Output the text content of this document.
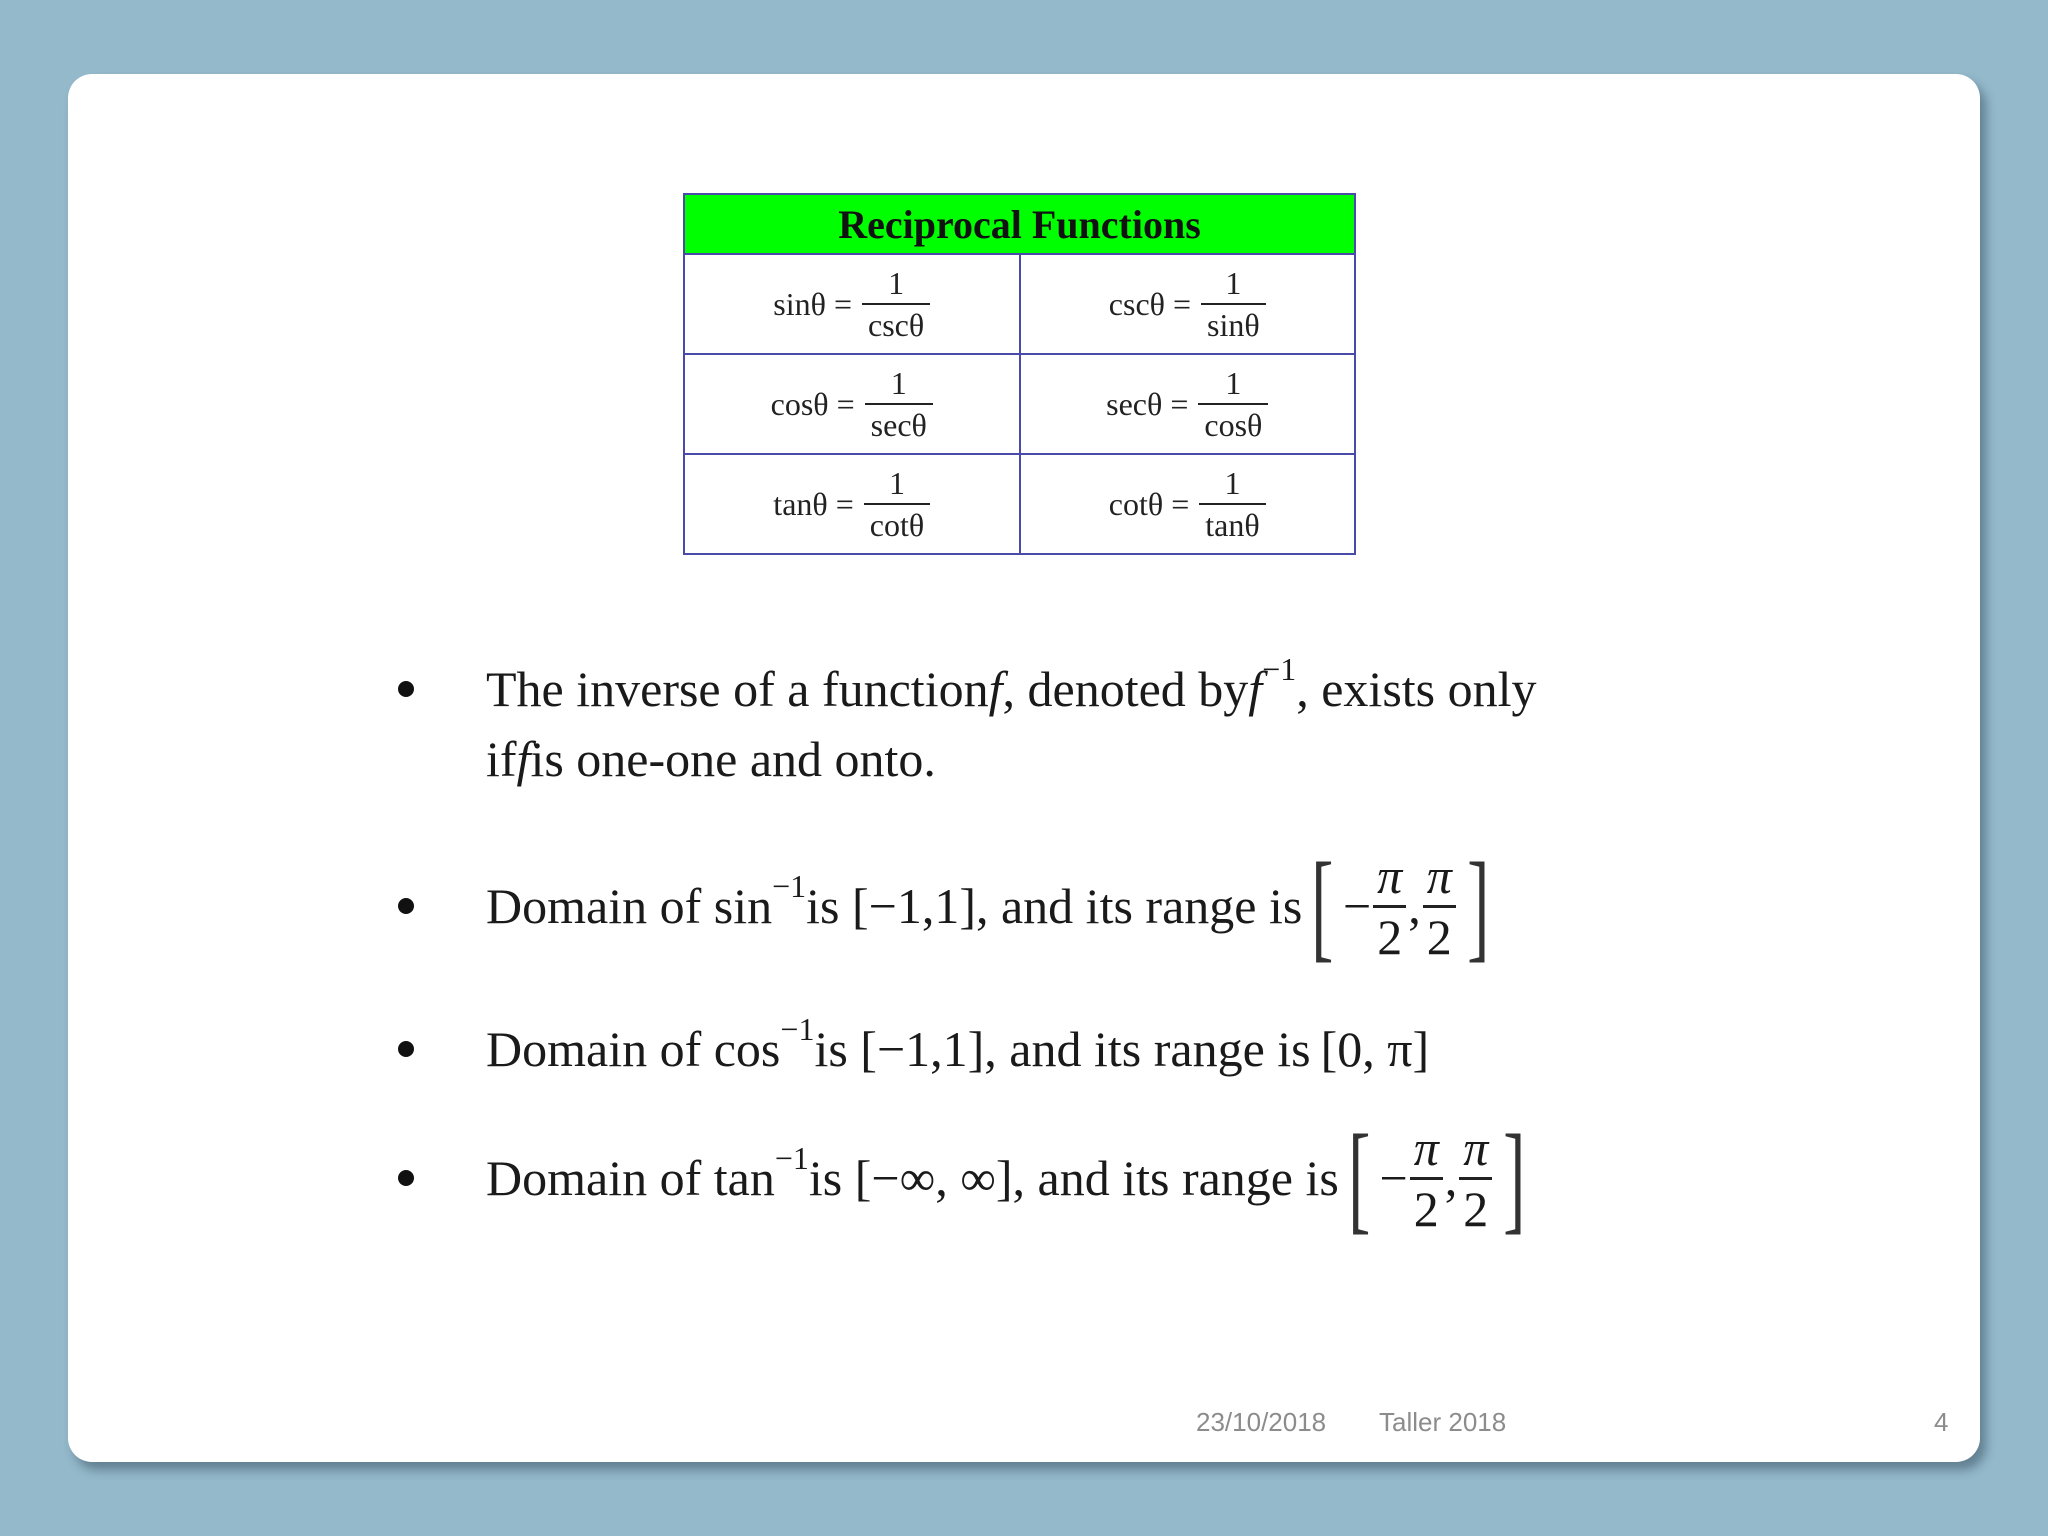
Reciprocal Functions
$\sin\theta = \frac{1}{\csc\theta}$	$\csc\theta = \frac{1}{\sin\theta}$
$\cos\theta = \frac{1}{\sec\theta}$	$\sec\theta = \frac{1}{\cos\theta}$
$\tan\theta = \frac{1}{\cot\theta}$	$\cot\theta = \frac{1}{\tan\theta}$
The inverse of a function f , denoted by f −1 , exists only
if f is one-one and onto.
Domain of sin −1 is [−1,1], and its range is [ − $\frac{\pi}{2}$ , $\frac{\pi}{2}$ ]
Domain of cos −1 is [−1,1], and its range is [0, π]
Domain of tan −1 is [−∞, ∞], and its range is [ − $\frac{\pi}{2}$ , $\frac{\pi}{2}$ ]
23/10/2018 Taller 2018	4
